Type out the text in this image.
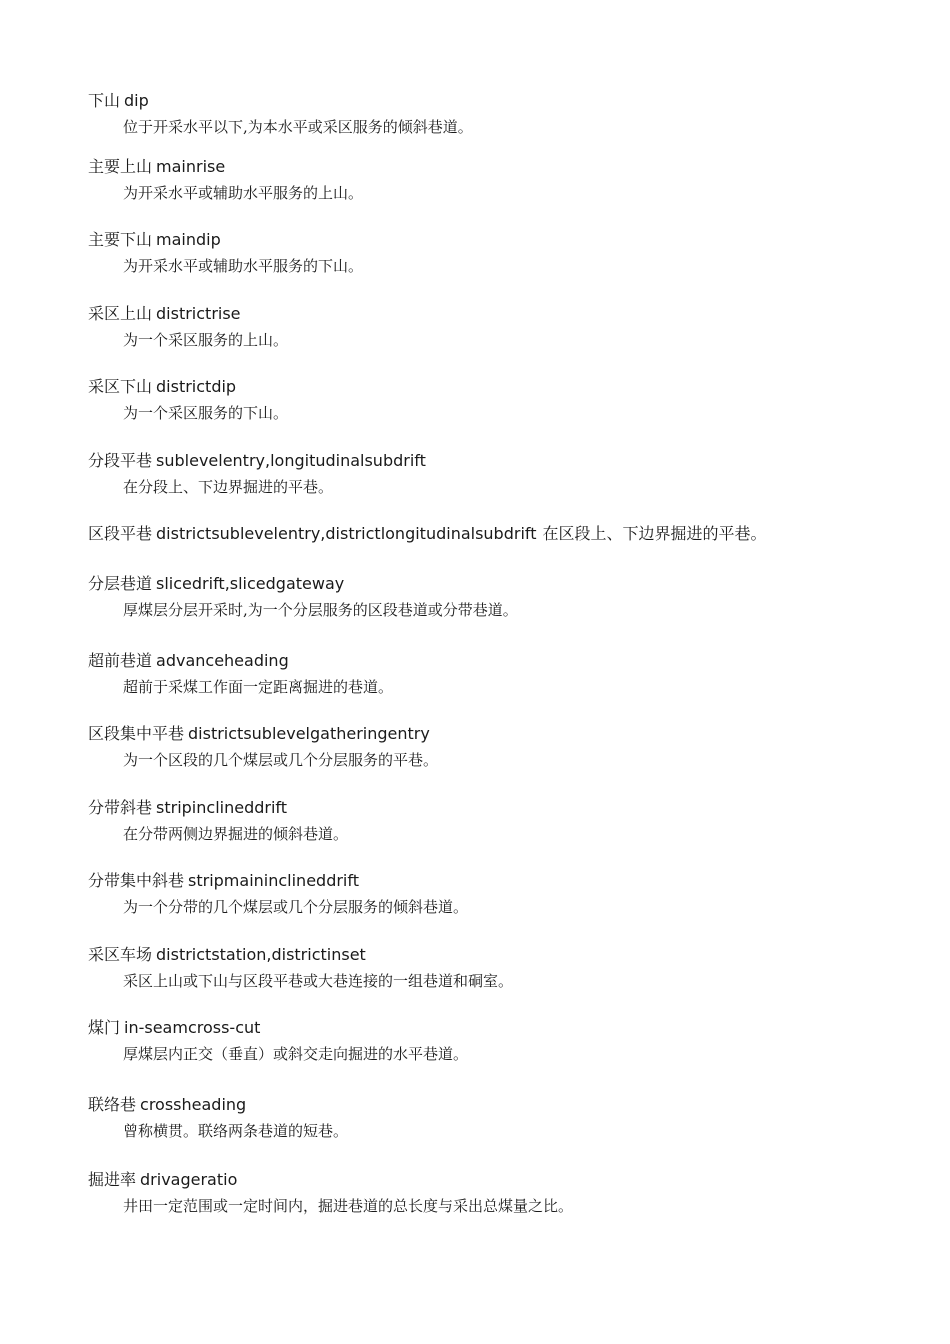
下山 dip
位于开采水平以下,为本水平或采区服务的倾斜巷道。
主要上山 mainrise
为开采水平或辅助水平服务的上山。
主要下山 maindip
为开采水平或辅助水平服务的下山。
采区上山 districtrise
为一个采区服务的上山。
采区下山 districtdip
为一个采区服务的下山。
分段平巷 sublevelentry,longitudinalsubdrift
在分段上、下边界掘进的平巷。
区段平巷 districtsublevelentry,districtlongitudinalsubdrift 在区段上、下边界掘进的平巷。
分层巷道 slicedrift,slicedgateway
厚煤层分层开采时,为一个分层服务的区段巷道或分带巷道。
超前巷道 advanceheading
超前于采煤工作面一定距离掘进的巷道。
区段集中平巷 districtsublevelgatheringentry
为一个区段的几个煤层或几个分层服务的平巷。
分带斜巷 stripinclineddrift
在分带两侧边界掘进的倾斜巷道。
分带集中斜巷 stripmaininclineddrift
为一个分带的几个煤层或几个分层服务的倾斜巷道。
采区车场 districtstation,districtinset
采区上山或下山与区段平巷或大巷连接的一组巷道和硐室。
煤门 in-seamcross-cut
厚煤层内正交（垂直）或斜交走向掘进的水平巷道。
联络巷 crossheading
曾称横贯。联络两条巷道的短巷。
掘进率 drivageratio
井田一定范围或一定时间内，掘进巷道的总长度与采出总煤量之比。
